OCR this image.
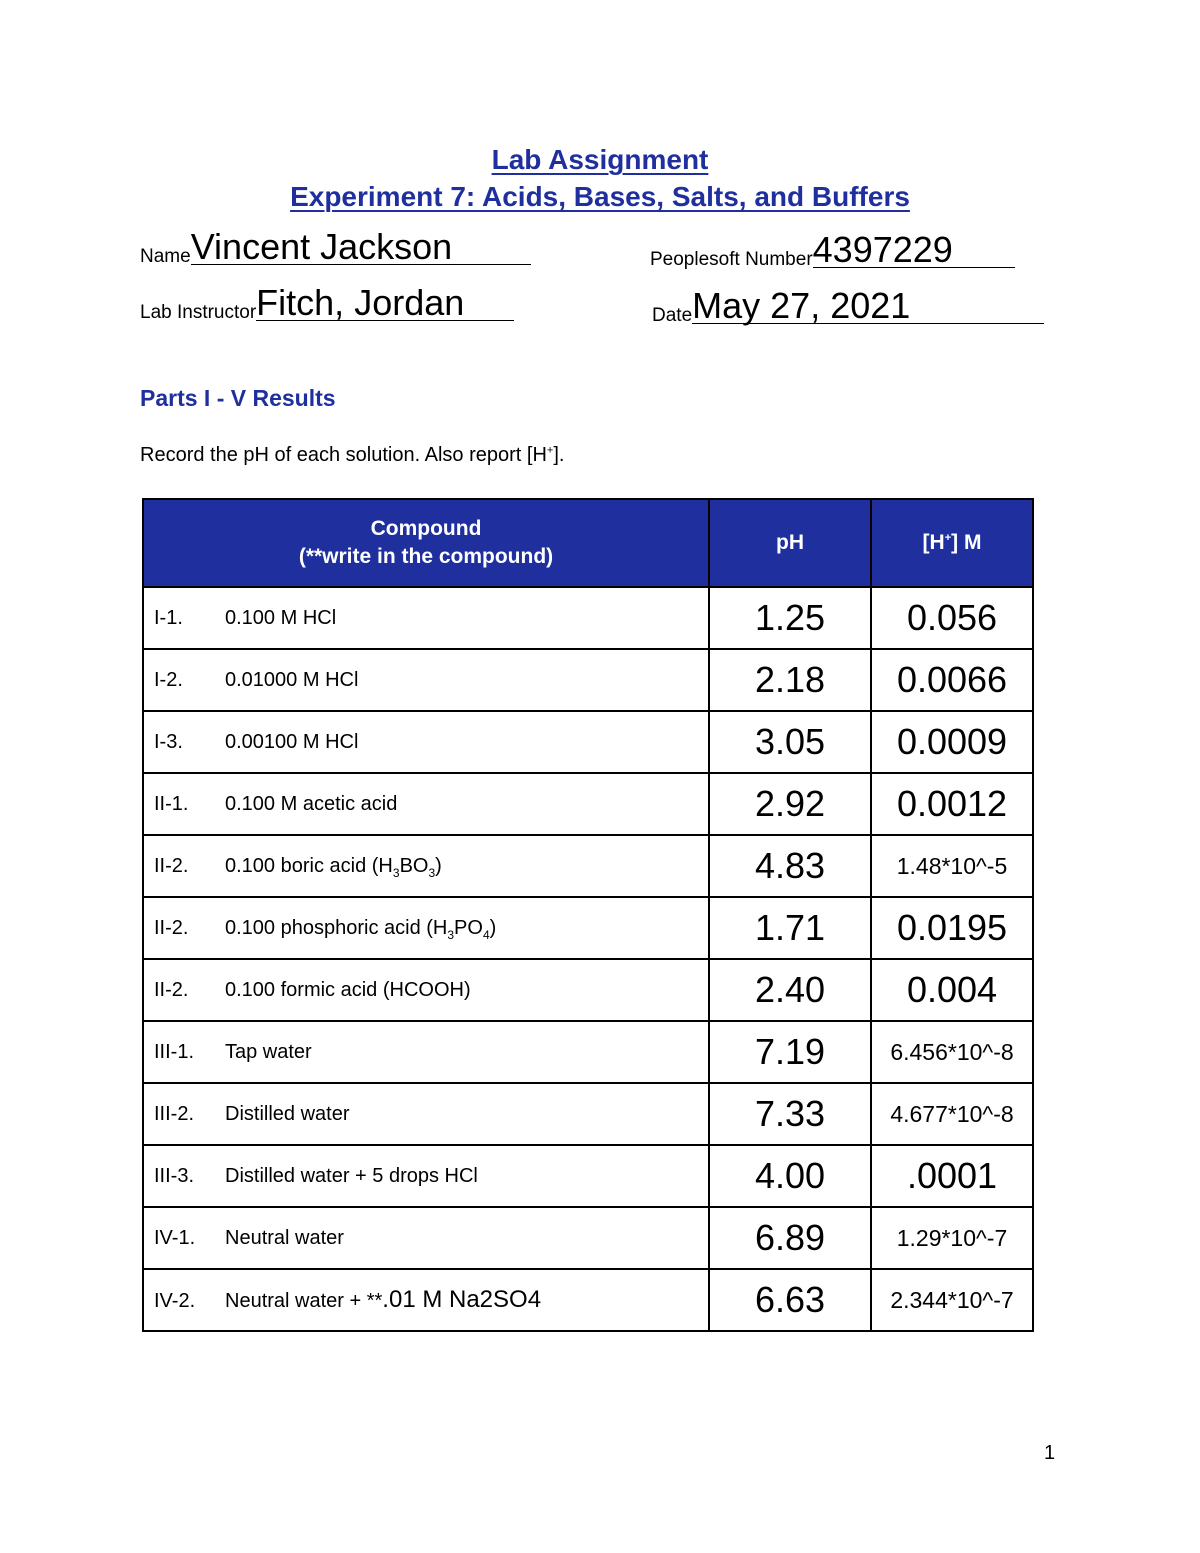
Lab Assignment
Experiment 7: Acids, Bases, Salts, and Buffers
Name Vincent Jackson	Peoplesoft Number 4397229
Lab Instructor Fitch, Jordan	Date May 27, 2021
Parts I - V Results
Record the pH of each solution. Also report [H+].
Compound
(**write in the compound)	pH	[H+] M
I-1. 0.100 M HCl	1.25	0.056
I-2. 0.01000 M HCl	2.18	0.0066
I-3. 0.00100 M HCl	3.05	0.0009
II-1. 0.100 M acetic acid	2.92	0.0012
II-2. 0.100 boric acid $(H_3BO_3)$	4.83	1.48*10^-5
II-2. 0.100 phosphoric acid $(H_3PO_4)$	1.71	0.0195
II-2. 0.100 formic acid (HCOOH)	2.40	0.004
III-1. Tap water	7.19	6.456*10^-8
III-2. Distilled water	7.33	4.677*10^-8
III-3. Distilled water + 5 drops HCl	4.00	.0001
IV-1. Neutral water	6.89	1.29*10^-7
IV-2. Neutral water + **.01 M Na2SO4	6.63	2.344*10^-7
1
